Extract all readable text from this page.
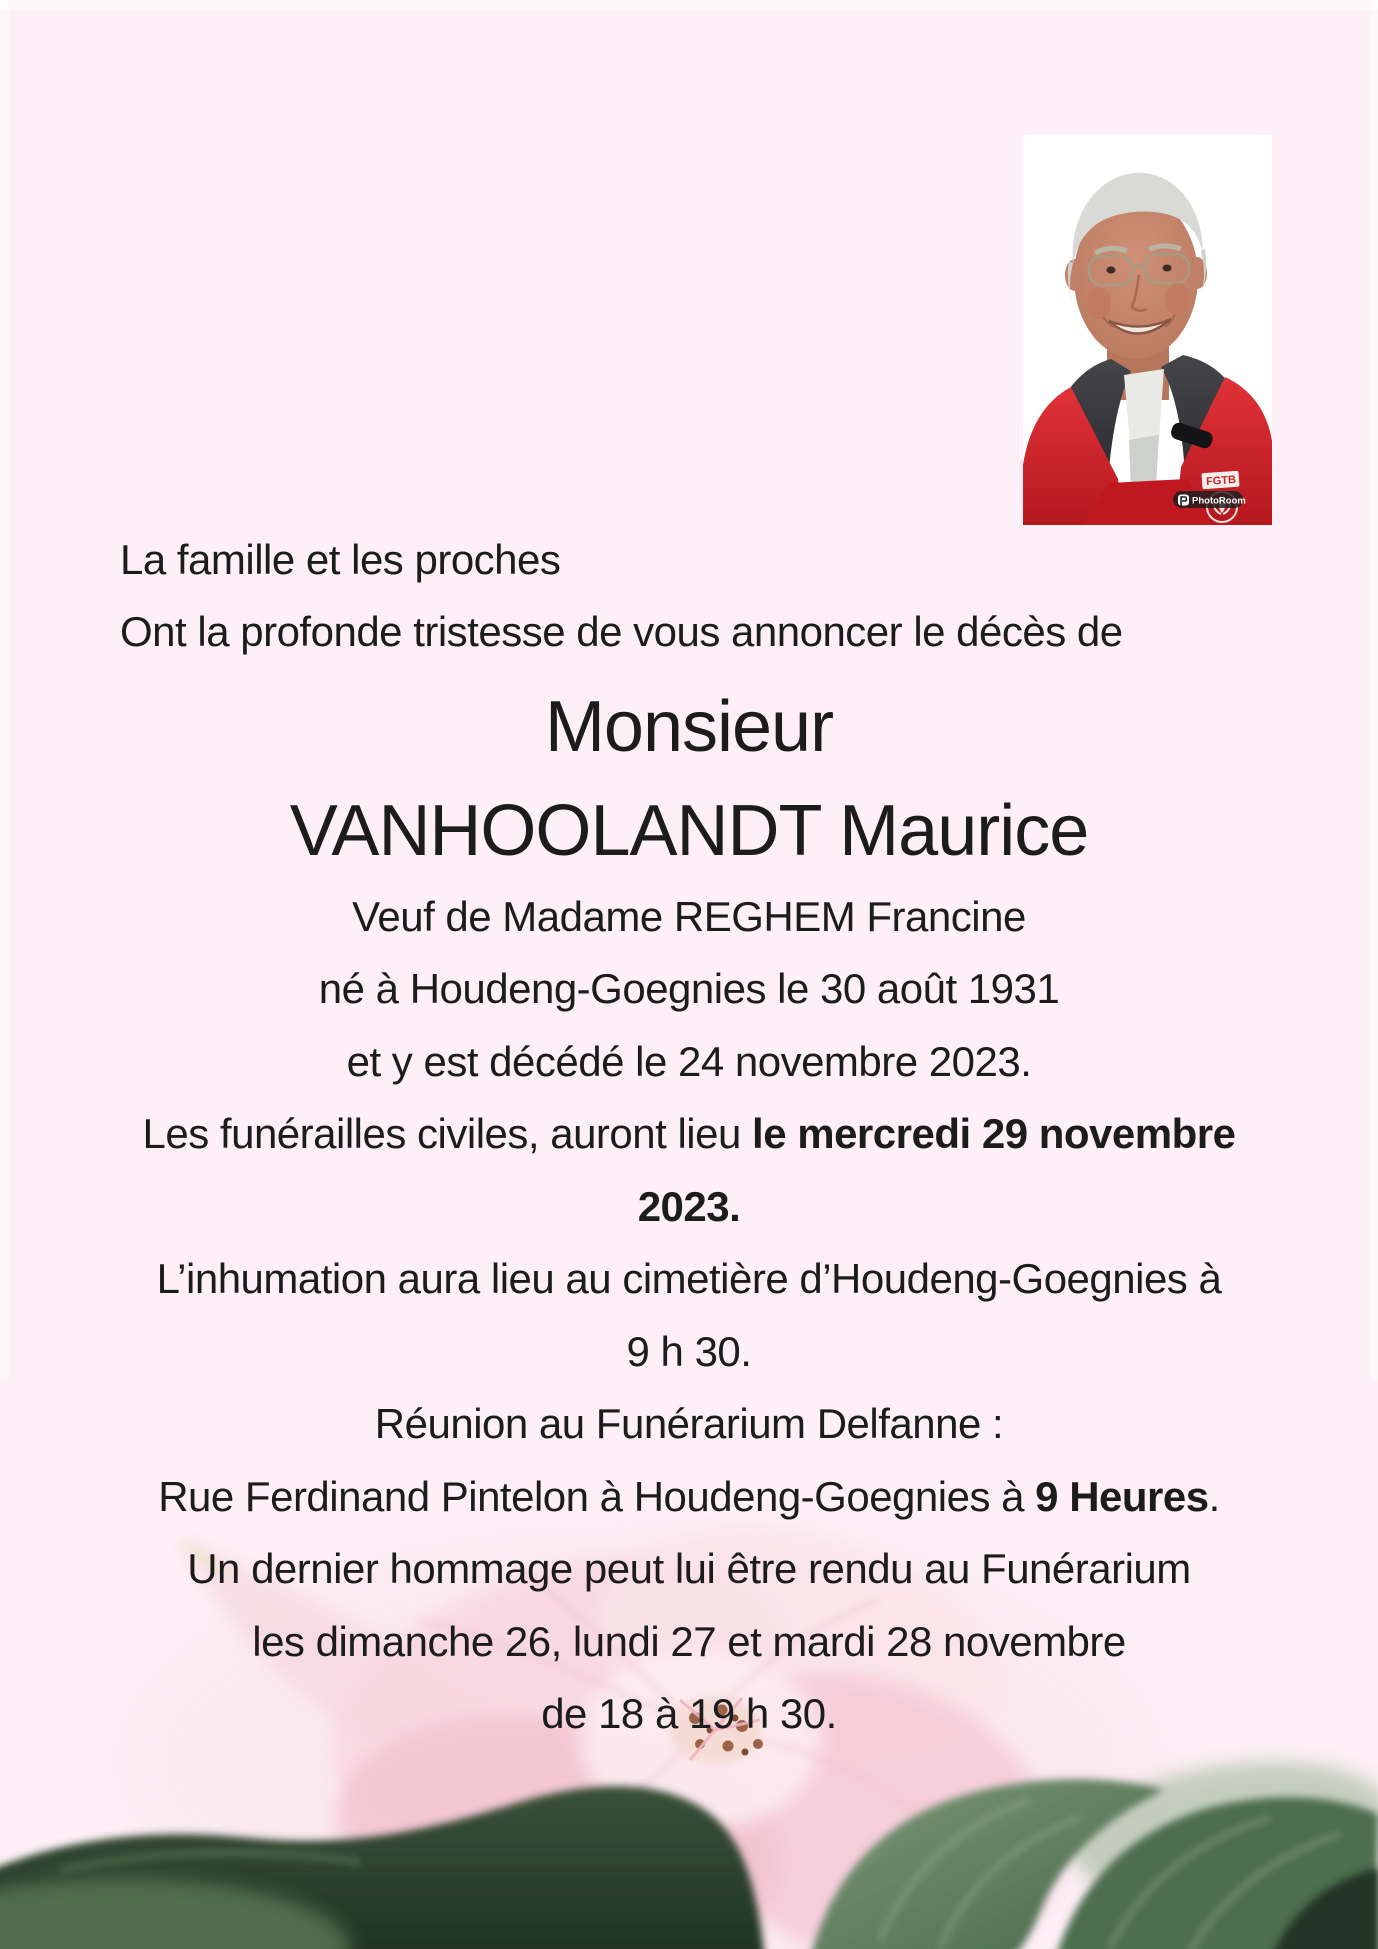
FGTB
PhotoRoom
La famille et les proches
Ont la profonde tristesse de vous annoncer le décès de
Monsieur
VANHOOLANDT Maurice
Veuf de Madame REGHEM Francine
né à Houdeng-Goegnies le 30 août 1931
et y est décédé le 24 novembre 2023.
Les funérailles civiles, auront lieu le mercredi 29 novembre
2023.
L’inhumation aura lieu au cimetière d’Houdeng-Goegnies à
9 h 30.
Réunion au Funérarium Delfanne :
Rue Ferdinand Pintelon à Houdeng-Goegnies à 9 Heures.
Un dernier hommage peut lui être rendu au Funérarium
les dimanche 26, lundi 27 et mardi 28 novembre
de 18 à 19 h 30.
